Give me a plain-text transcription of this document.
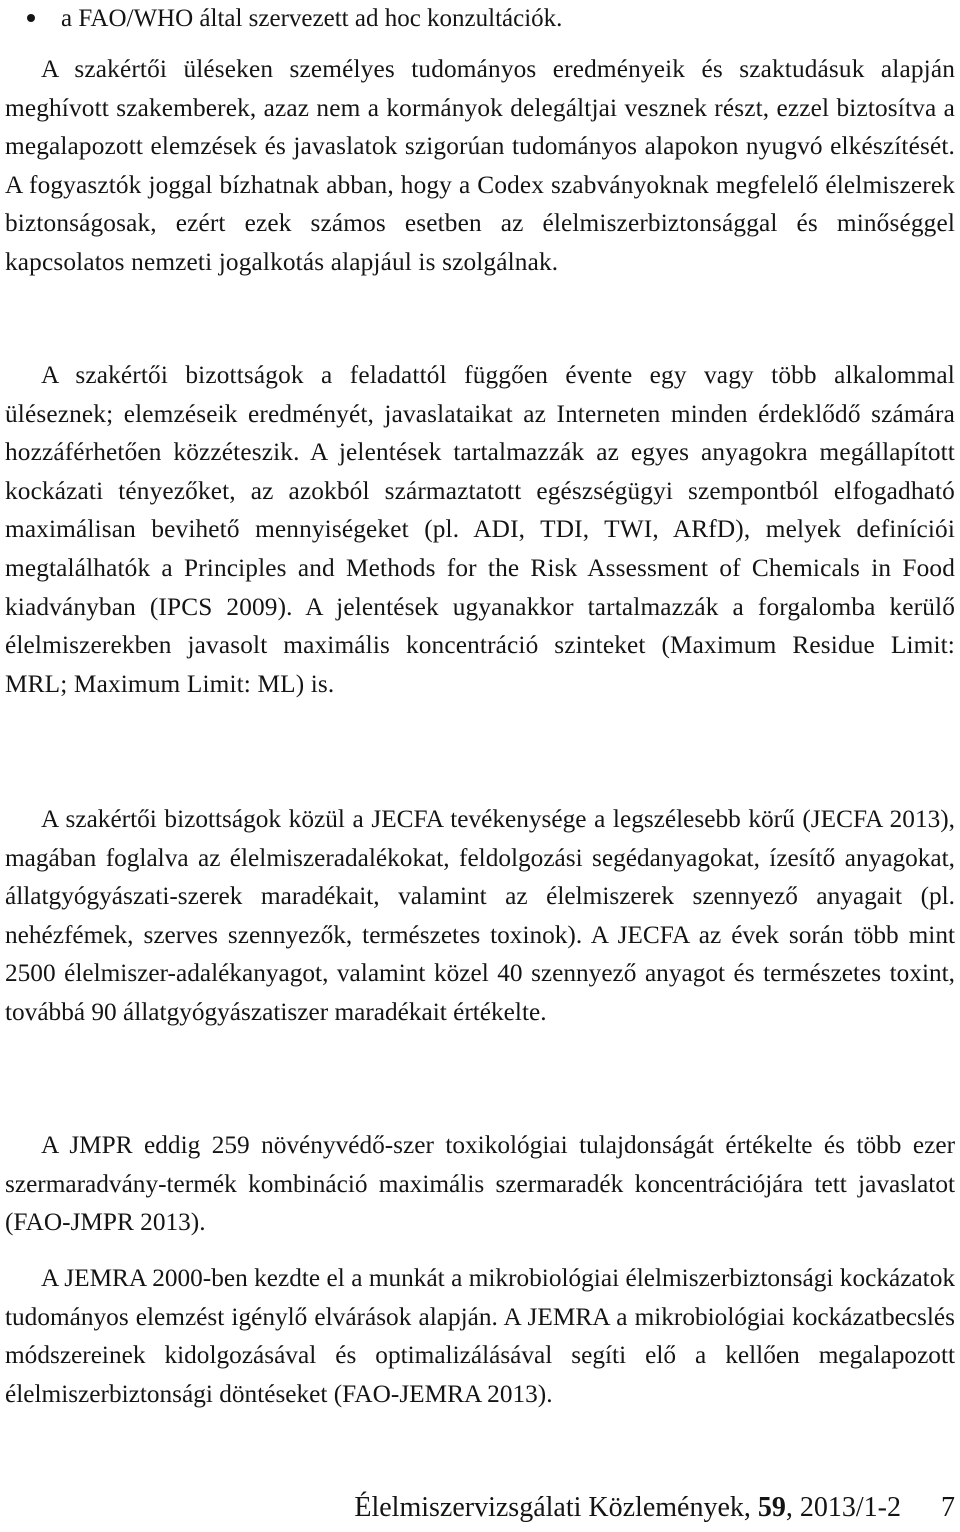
a FAO/WHO által szervezett ad hoc konzultációk.

A szakértői üléseken személyes tudományos eredményeik és szaktudásuk alapján meghívott szakemberek, azaz nem a kormányok delegáltjai vesznek részt, ezzel biztosítva a megalapozott elemzések és javaslatok szigorúan tudományos alapokon nyugvó elkészítését. A fogyasztók joggal bízhatnak abban, hogy a Codex szabványoknak megfelelő élelmiszerek biztonságosak, ezért ezek számos esetben az élelmiszerbiztonsággal és minőséggel kapcsolatos nemzeti jogalkotás alapjául is szolgálnak.

A szakértői bizottságok a feladattól függően évente egy vagy több alkalommal üléseznek; elemzéseik eredményét, javaslataikat az Interneten minden érdeklődő számára hozzáférhetően közzéteszik. A jelentések tartalmazzák az egyes anyagokra megállapított kockázati tényezőket, az azokból származtatott egészségügyi szempontból elfogadható maximálisan bevihető mennyiségeket (pl. ADI, TDI, TWI, ARfD), melyek definíciói megtalálhatók a Principles and Methods for the Risk Assessment of Chemicals in Food kiadványban (IPCS 2009). A jelentések ugyanakkor tartalmazzák a forgalomba kerülő élelmiszerekben javasolt maximális koncentráció szinteket (Maximum Residue Limit: MRL; Maximum Limit: ML) is.

A szakértői bizottságok közül a JECFA tevékenysége a legszélesebb körű (JECFA 2013), magában foglalva az élelmiszeradalékokat, feldolgozási segédanyagokat, ízesítő anyagokat, állatgyógyászati-szerek maradékait, valamint az élelmiszerek szennyező anyagait (pl. nehézfémek, szerves szennyezők, természetes toxinok). A JECFA az évek során több mint 2500 élelmiszer-adalékanyagot, valamint közel 40 szennyező anyagot és természetes toxint, továbbá 90 állatgyógyászatiszer maradékait értékelte.

A JMPR eddig 259 növényvédő-szer toxikológiai tulajdonságát értékelte és több ezer szermaradvány-termék kombináció maximális szermaradék koncentrációjára tett javaslatot (FAO-JMPR 2013).

A JEMRA 2000-ben kezdte el a munkát a mikrobiológiai élelmiszerbiztonsági kockázatok tudományos elemzést igénylő elvárások alapján. A JEMRA a mikrobiológiai kockázatbecslés módszereinek kidolgozásával és optimalizálásával segíti elő a kellően megalapozott élelmiszerbiztonsági döntéseket (FAO-JEMRA 2013).

Élelmiszervizsgálati Közlemények, 59, 2013/1-2 7
